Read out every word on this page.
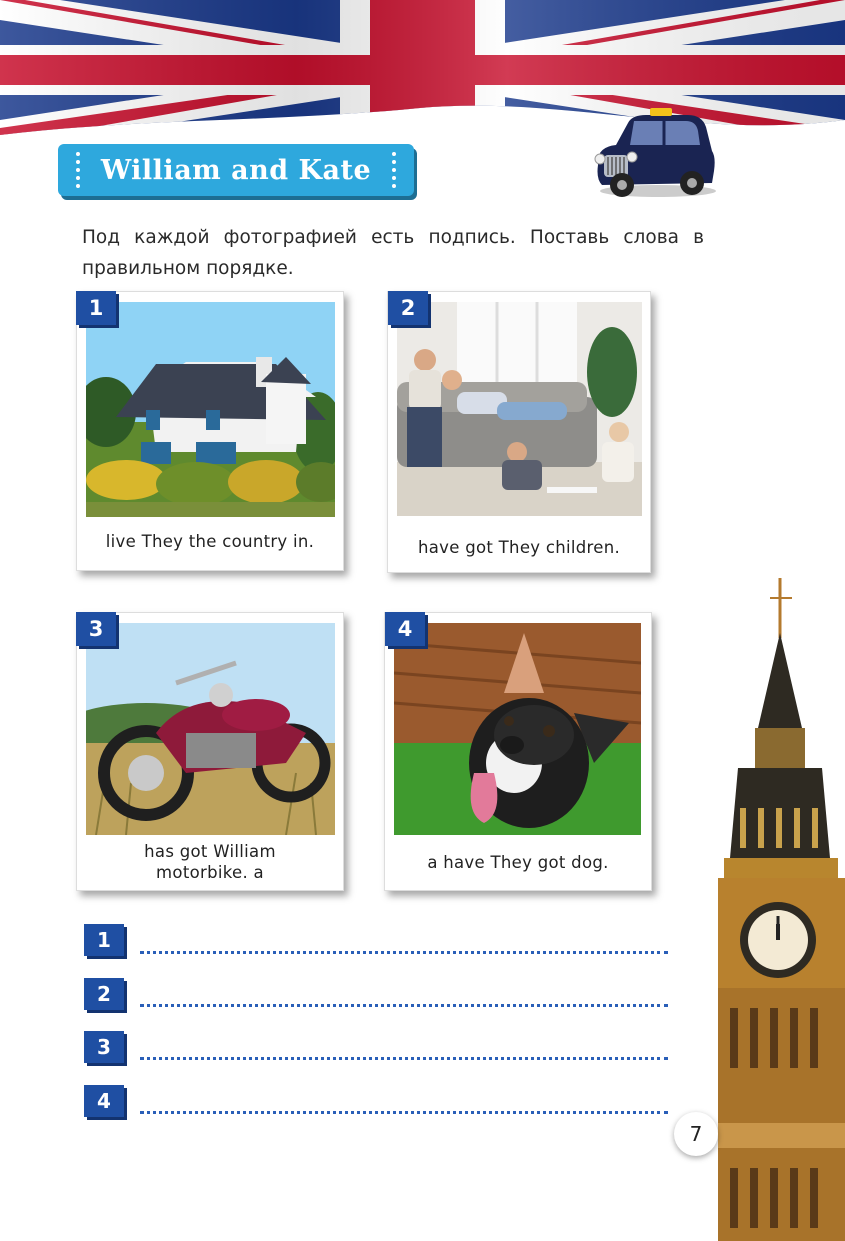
William and Kate
Под каждой фотографией есть подпись. Поставь слова в правильном порядке.
live They the country in.
1
have got They children.
2
has got William motorbike. a
3
a have They got dog.
4
1
2
3
4
7
